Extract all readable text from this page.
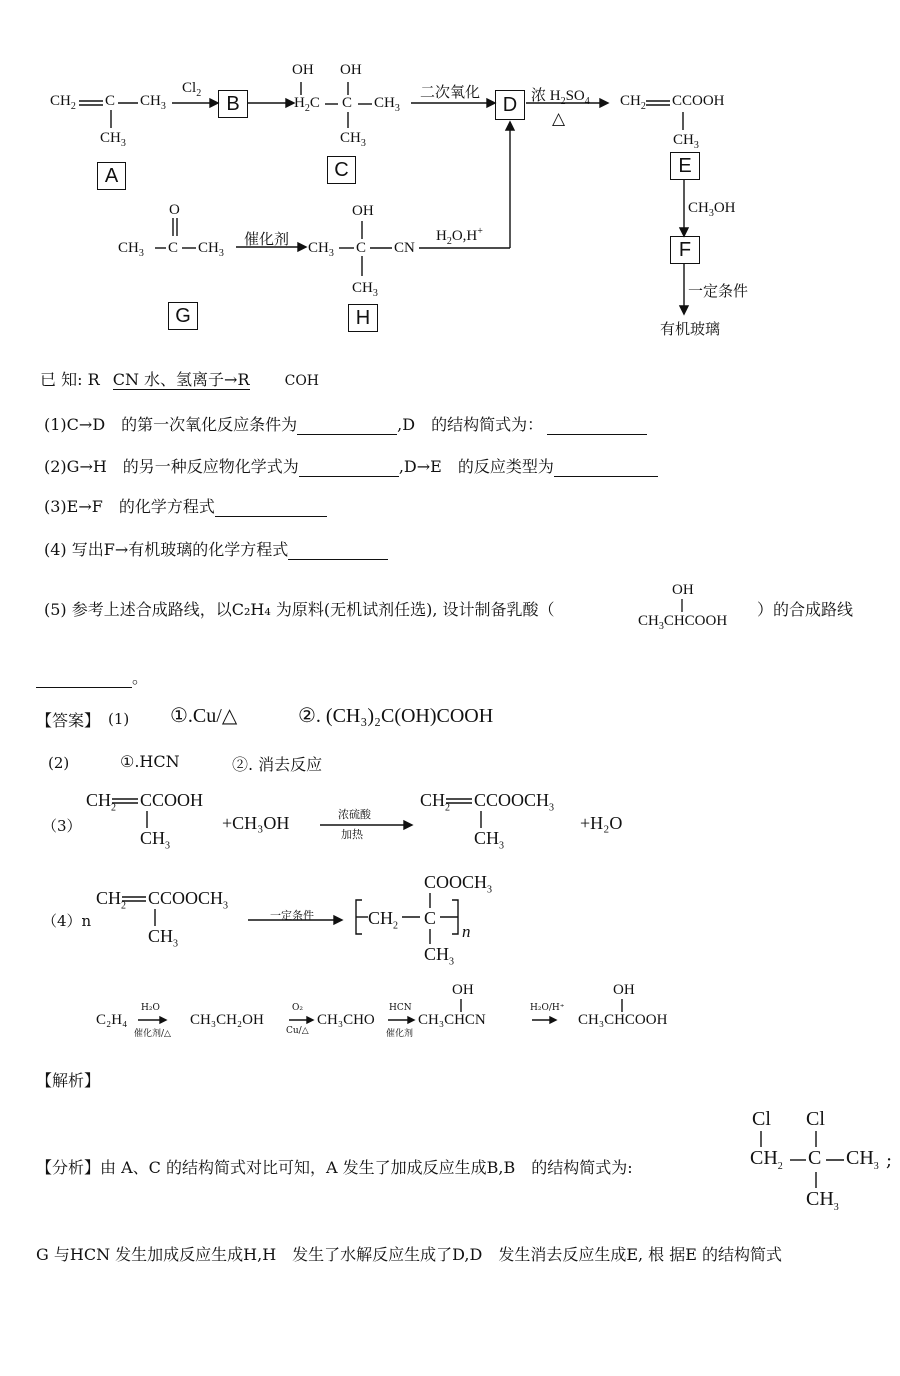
$CH_2$ C $CH_3$
$CH_3$
A
$Cl_2$	B
OH OH
$H_2C$ C $CH_3$
$CH_3$
C
二次氧化
D 浓 $H_2SO_4$
△
$CH_2$ CCOOH
$CH_3$
E
$CH_3OH$
F
一定条件
有机玻璃
O
$CH_3$ C $CH_3$
G
催化剂
OH
$CH_3$ C CN
$CH_3$
H
$H_2O,H^+$
已 知: R CN 水、氢离子→R	COH
(1)C→D　的第一次氧化反应条件为	,D　的结构简式为：
(2)G→H　的另一种反应物化学式为	,D→E　的反应类型为
(3)E→F　的化学方程式
(4) 写出F→有机玻璃的化学方程式
(5) 参考上述合成路线，以C₂H₄ 为原料(无机试剂任选), 设计制备乳酸（
OH
$CH_3CHCOOH$
）的合成路线
。
【答案】 (1) ①.Cu/△	②. (CH₃)₂C(OH)COOH
(2)	①.HCN	②. 消去反应
（3）
$CH_2$ CCOOH
$CH_3$
+CH₃OH	浓硫酸
加热
$CH_2$ $CCOOCH_3$
$CH_3$
+H₂O
（4）n
$CH_2$ $CCOOCH_3$
$CH_3$
一定条件
$COOCH_3$
$CH_2$ C
$CH_3$
n
C₂H₄
H₂O
催化剂/△
CH₃CH₂OH
O₂
Cu/△
CH₃CHO
HCN
催化剂
OH
CH₃CHCN
H₂O/H⁺
OH
CH₃CHCOOH
【解析】
【分析】由 A、C 的结构简式对比可知，A 发生了加成反应生成B,B　的结构简式为:
Cl Cl
$CH_2$ C $CH_3$
$CH_3$
;
G 与HCN 发生加成反应生成H,H　发生了水解反应生成了D,D　发生消去反应生成E, 根 据E 的结构简式
